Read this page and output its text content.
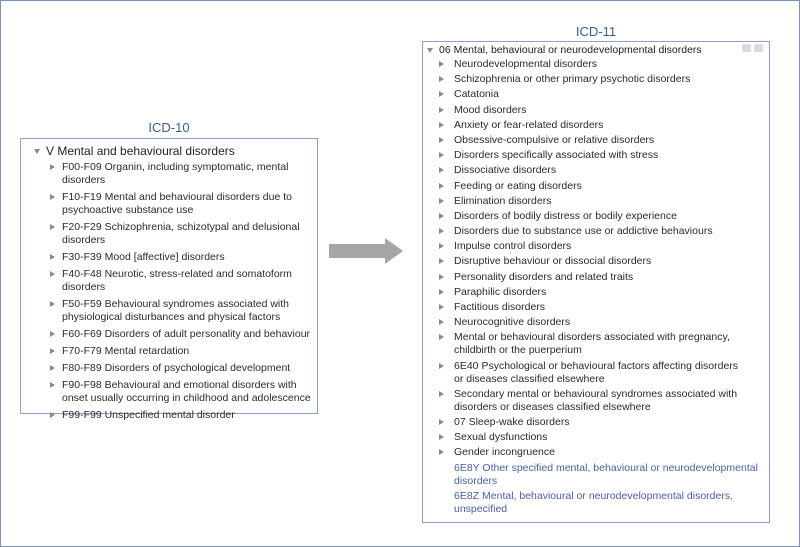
ICD-10
V Mental and behavioural disorders
F00-F09 Organin, including symptomatic, mental
disorders
F10-F19 Mental and behavioural disorders due to
psychoactive substance use
F20-F29 Schizophrenia, schizotypal and delusional
disorders
F30-F39 Mood [affective] disorders
F40-F48 Neurotic, stress-related and somatoform
disorders
F50-F59 Behavioural syndromes associated with
physiological disturbances and physical factors
F60-F69 Disorders of adult personality and behaviour
F70-F79 Mental retardation
F80-F89 Disorders of psychological development
F90-F98 Behavioural and emotional disorders with
onset usually occurring in childhood and adolescence
F99-F99 Unspecified mental disorder
ICD-11
06 Mental, behavioural or neurodevelopmental disorders
Neurodevelopmental disorders
Schizophrenia or other primary psychotic disorders
Catatonia
Mood disorders
Anxiety or fear-related disorders
Obsessive-compulsive or relative disorders
Disorders specifically associated with stress
Dissociative disorders
Feeding or eating disorders
Elimination disorders
Disorders of bodily distress or bodily experience
Disorders due to substance use or addictive behaviours
Impulse control disorders
Disruptive behaviour or dissocial disorders
Personality disorders and related traits
Paraphilic disorders
Factitious disorders
Neurocognitive disorders
Mental or behavioural disorders associated with pregnancy,
childbirth or the puerperium
6E40 Psychological or behavioural factors affecting disorders
or diseases classified elsewhere
Secondary mental or behavioural syndromes associated with
disorders or diseases classified elsewhere
07 Sleep-wake disorders
Sexual dysfunctions
Gender incongruence
6E8Y Other specified mental, behavioural or neurodevelopmental
disorders
6E8Z Mental, behavioural or neurodevelopmental disorders,
unspecified
